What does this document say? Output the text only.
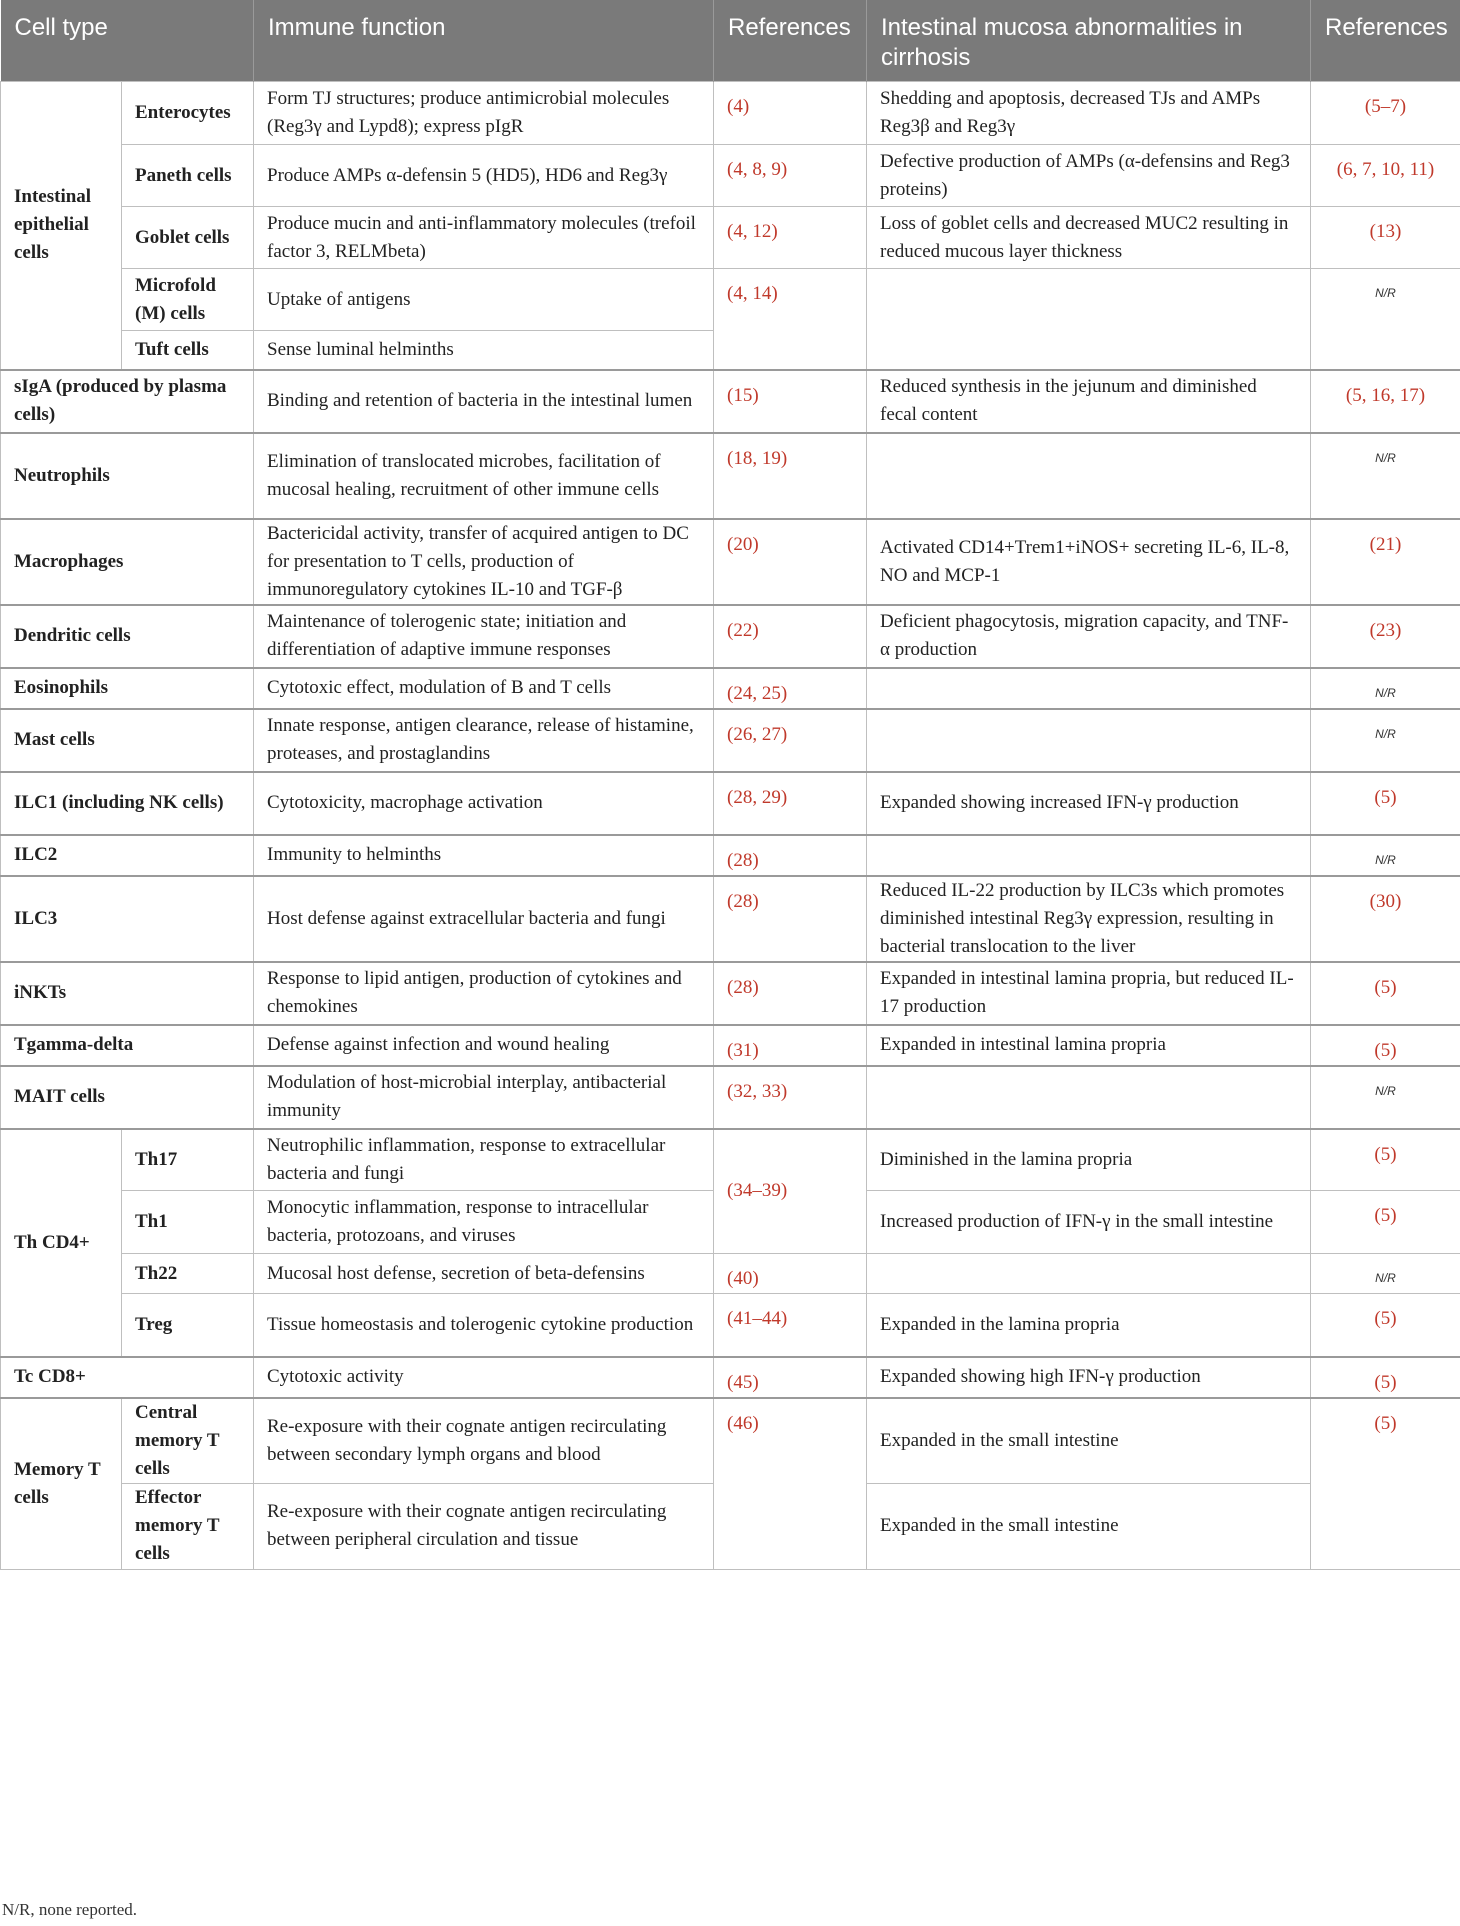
Cell type		Immune function	References	Intestinal mucosa abnormalities in cirrhosis	References
Intestinal epithelial cells	Enterocytes	Form TJ structures; produce antimicrobial molecules (Reg3γ and Lypd8); express pIgR	(4)	Shedding and apoptosis, decreased TJs and AMPs Reg3β and Reg3γ	(5–7)
	Paneth cells	Produce AMPs α-defensin 5 (HD5), HD6 and Reg3γ	(4, 8, 9)	Defective production of AMPs (α-defensins and Reg3 proteins)	(6, 7, 10, 11)
	Goblet cells	Produce mucin and anti-inflammatory molecules (trefoil factor 3, RELMbeta)	(4, 12)	Loss of goblet cells and decreased MUC2 resulting in reduced mucous layer thickness	(13)
	Microfold (M) cells	Uptake of antigens	(4, 14)		N/R
	Tuft cells	Sense luminal helminths			
sIgA (produced by plasma cells)		Binding and retention of bacteria in the intestinal lumen	(15)	Reduced synthesis in the jejunum and diminished fecal content	(5, 16, 17)
Neutrophils		Elimination of translocated microbes, facilitation of mucosal healing, recruitment of other immune cells	(18, 19)		N/R
Macrophages		Bactericidal activity, transfer of acquired antigen to DC for presentation to T cells, production of immunoregulatory cytokines IL-10 and TGF-β	(20)	Activated CD14+Trem1+iNOS+ secreting IL-6, IL-8, NO and MCP-1	(21)
Dendritic cells		Maintenance of tolerogenic state; initiation and differentiation of adaptive immune responses	(22)	Deficient phagocytosis, migration capacity, and TNF-α production	(23)
Eosinophils		Cytotoxic effect, modulation of B and T cells	(24, 25)		N/R
Mast cells		Innate response, antigen clearance, release of histamine, proteases, and prostaglandins	(26, 27)		N/R
ILC1 (including NK cells)		Cytotoxicity, macrophage activation	(28, 29)	Expanded showing increased IFN-γ production	(5)
ILC2		Immunity to helminths	(28)		N/R
ILC3		Host defense against extracellular bacteria and fungi	(28)	Reduced IL-22 production by ILC3s which promotes diminished intestinal Reg3γ expression, resulting in bacterial translocation to the liver	(30)
iNKTs		Response to lipid antigen, production of cytokines and chemokines	(28)	Expanded in intestinal lamina propria, but reduced IL-17 production	(5)
Tgamma-delta		Defense against infection and wound healing	(31)	Expanded in intestinal lamina propria	(5)
MAIT cells		Modulation of host-microbial interplay, antibacterial immunity	(32, 33)		N/R
Th CD4+	Th17	Neutrophilic inflammation, response to extracellular bacteria and fungi	(34–39)	Diminished in the lamina propria	(5)
	Th1	Monocytic inflammation, response to intracellular bacteria, protozoans, and viruses		Increased production of IFN-γ in the small intestine	(5)
	Th22	Mucosal host defense, secretion of beta-defensins	(40)		N/R
	Treg	Tissue homeostasis and tolerogenic cytokine production	(41–44)	Expanded in the lamina propria	(5)
Tc CD8+		Cytotoxic activity	(45)	Expanded showing high IFN-γ production	(5)
Memory T cells	Central memory T cells	Re-exposure with their cognate antigen recirculating between secondary lymph organs and blood	(46)	Expanded in the small intestine	(5)
	Effector memory T cells	Re-exposure with their cognate antigen recirculating between peripheral circulation and tissue		Expanded in the small intestine	
N/R, none reported.
